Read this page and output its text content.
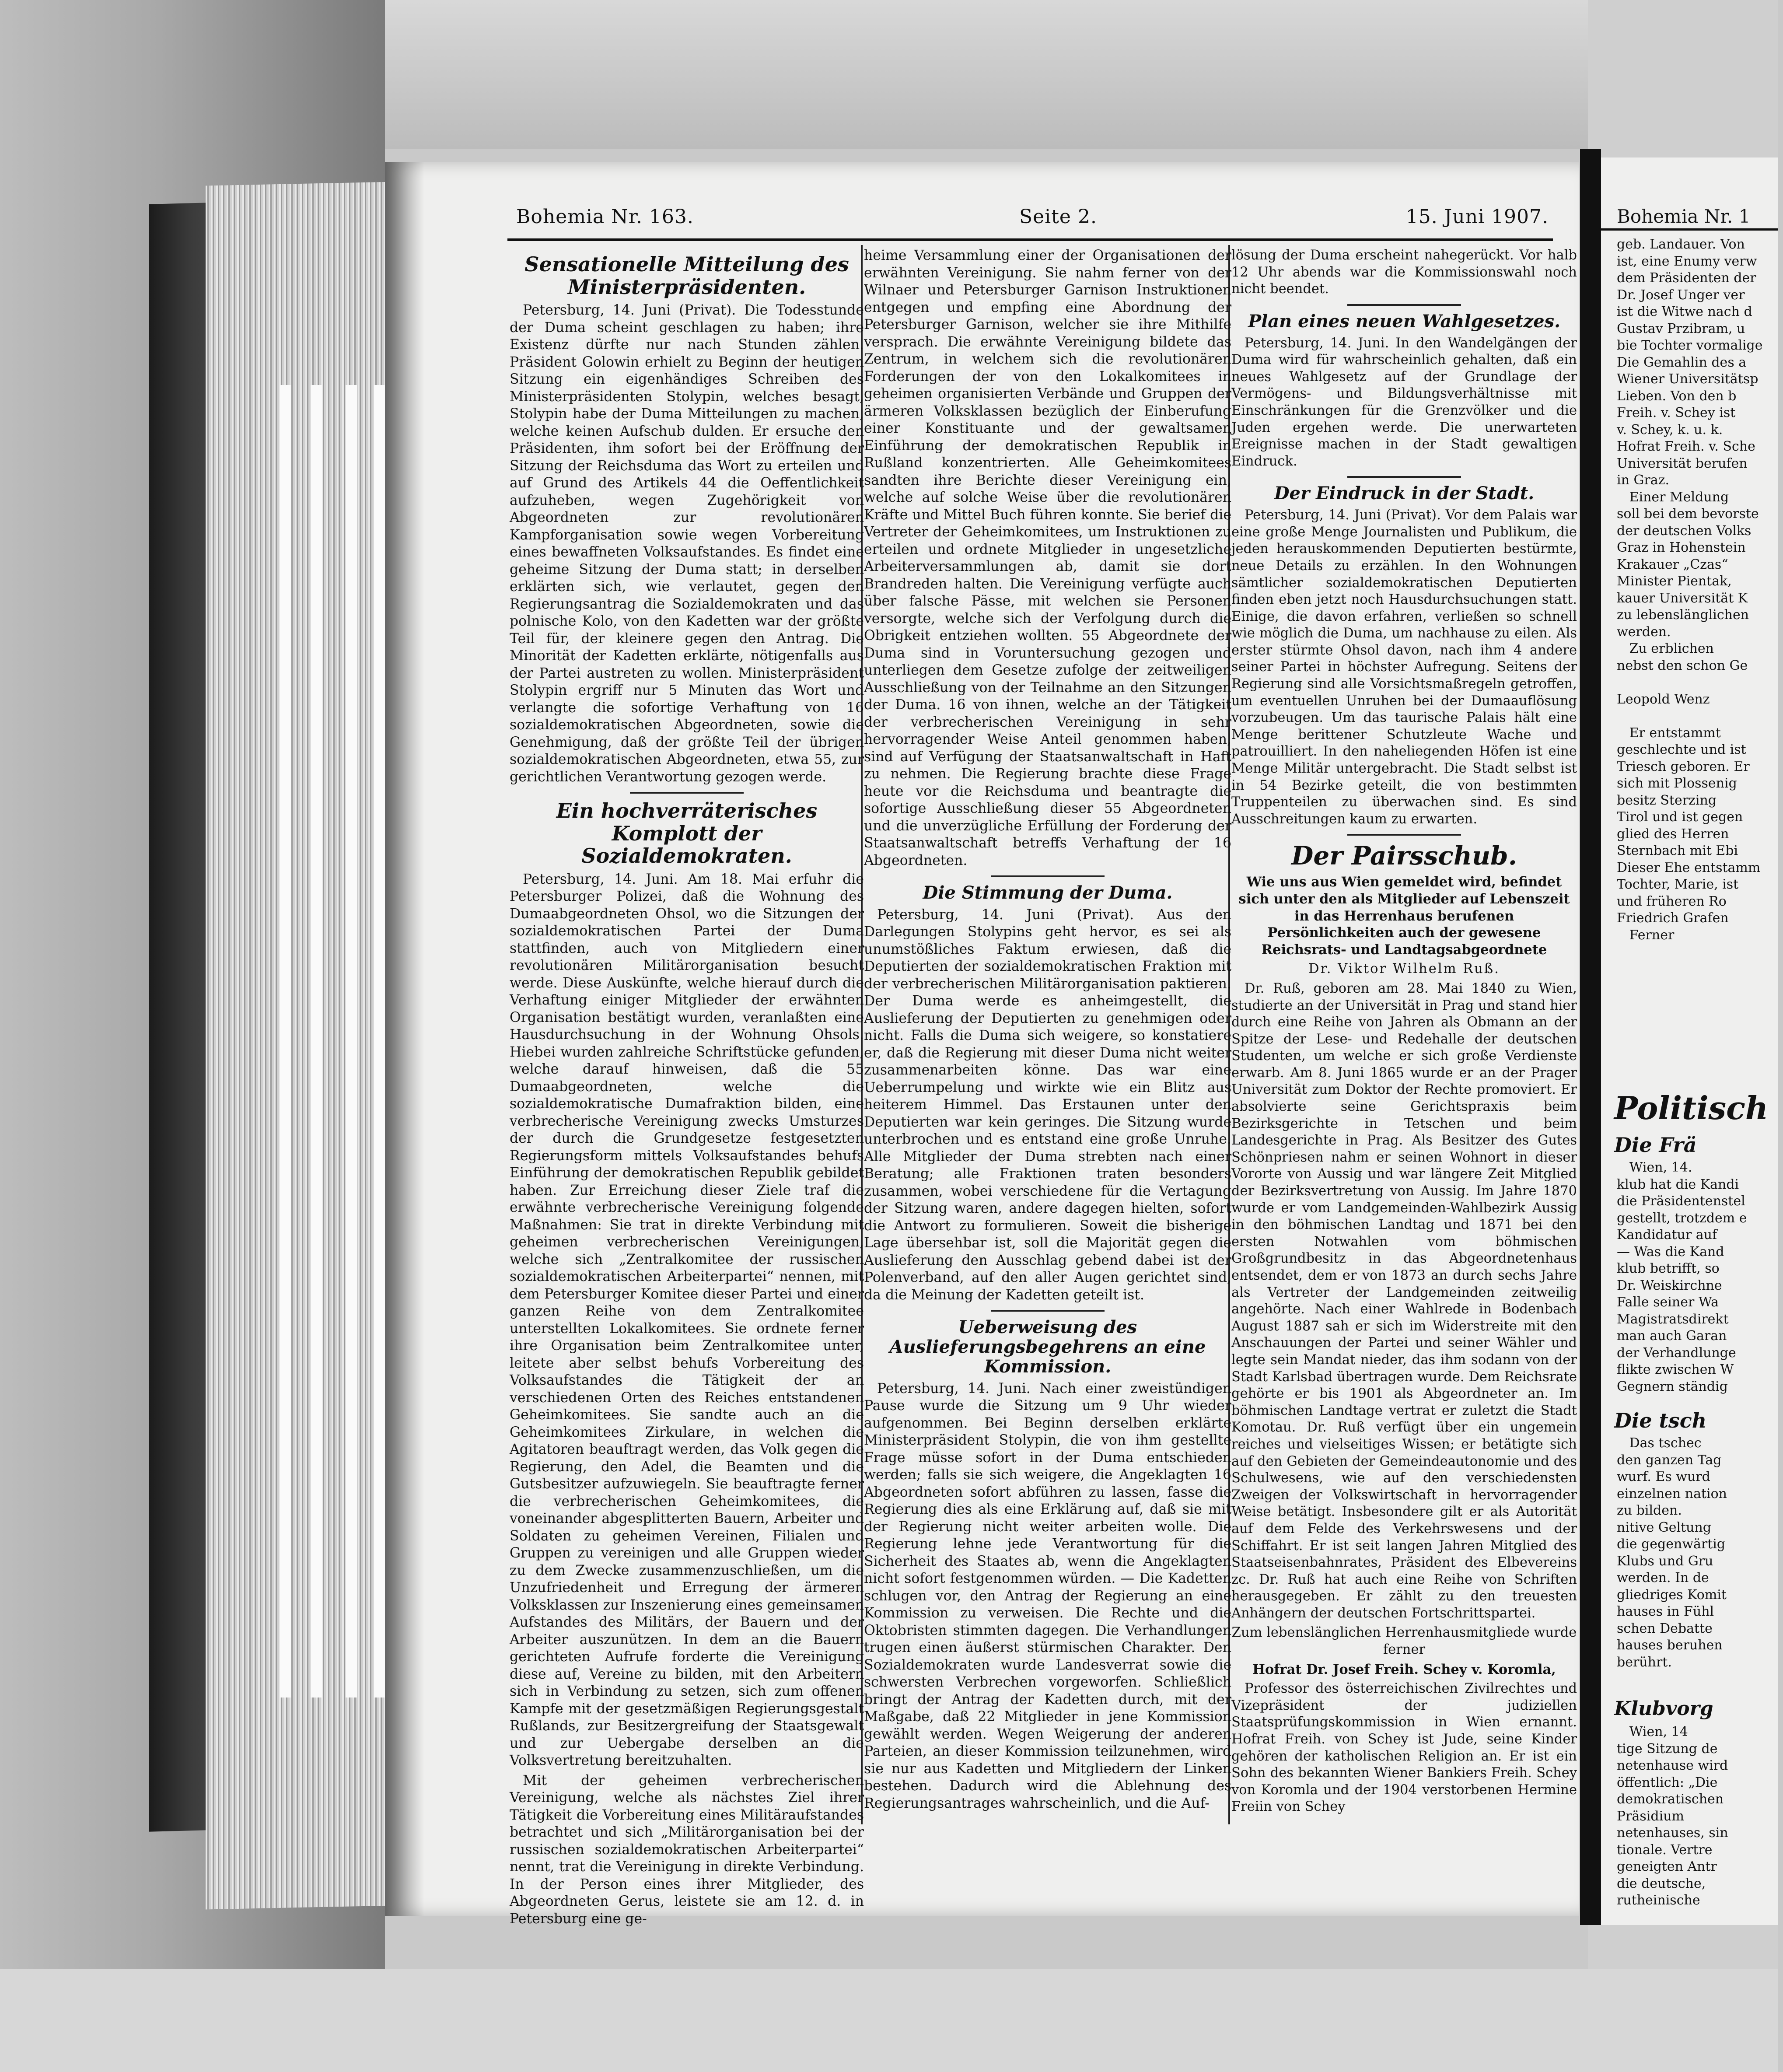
Bohemia Nr. 163.	Seite 2.	15. Juni 1907.
Sensationelle Mitteilung des Ministerpräsidenten.

Petersburg, 14. Juni (Privat). Die Todesstunde der Duma scheint geschlagen zu haben; ihre Existenz dürfte nur nach Stunden zählen. Präsident Golowin erhielt zu Beginn der heutigen Sitzung ein eigenhändiges Schreiben des Ministerpräsidenten Stolypin, welches besagt, Stolypin habe der Duma Mitteilungen zu machen, welche keinen Aufschub dulden. Er ersuche den Präsidenten, ihm sofort bei der Eröffnung der Sitzung der Reichsduma das Wort zu erteilen und auf Grund des Artikels 44 die Oeffentlichkeit aufzuheben, wegen Zugehörigkeit von Abgeordneten zur revolutionären Kampforganisation sowie wegen Vorbereitung eines bewaffneten Volksaufstandes. Es findet eine geheime Sitzung der Duma statt; in derselben erklärten sich, wie verlautet, gegen den Regierungsantrag die Sozialdemokraten und das polnische Kolo, von den Kadetten war der größte Teil für, der kleinere gegen den Antrag. Die Minorität der Kadetten erklärte, nötigenfalls aus der Partei austreten zu wollen. Ministerpräsident Stolypin ergriff nur 5 Minuten das Wort und verlangte die sofortige Verhaftung von 16 sozialdemokratischen Abgeordneten, sowie die Genehmigung, daß der größte Teil der übrigen sozialdemokratischen Abgeordneten, etwa 55, zur gerichtlichen Verantwortung gezogen werde.

Ein hochverräterisches Komplott der Sozialdemokraten.

Petersburg, 14. Juni. Am 18. Mai erfuhr die Petersburger Polizei, daß die Wohnung des Dumaabgeordneten Ohsol, wo die Sitzungen der sozialdemokratischen Partei der Duma stattfinden, auch von Mitgliedern einer revolutionären Militärorganisation besucht werde. Diese Auskünfte, welche hierauf durch die Verhaftung einiger Mitglieder der erwähnten Organisation bestätigt wurden, veranlaßten eine Hausdurchsuchung in der Wohnung Ohsols. Hiebei wurden zahlreiche Schriftstücke gefunden, welche darauf hinweisen, daß die 55 Dumaabgeordneten, welche die sozialdemokratische Dumafraktion bilden, eine verbrecherische Vereinigung zwecks Umsturzes der durch die Grundgesetze festgesetzten Regierungsform mittels Volksaufstandes behufs Einführung der demokratischen Republik gebildet haben. Zur Erreichung dieser Ziele traf die erwähnte verbrecherische Vereinigung folgende Maßnahmen: Sie trat in direkte Verbindung mit geheimen verbrecherischen Vereinigungen, welche sich „Zentralkomitee der russischen sozialdemokratischen Arbeiterpartei“ nennen, mit dem Petersburger Komitee dieser Partei und einer ganzen Reihe von dem Zentralkomitee unterstellten Lokalkomitees. Sie ordnete ferner ihre Organisation beim Zentralkomitee unter, leitete aber selbst behufs Vorbereitung des Volksaufstandes die Tätigkeit der an verschiedenen Orten des Reiches entstandenen Geheimkomitees. Sie sandte auch an die Geheimkomitees Zirkulare, in welchen die Agitatoren beauftragt werden, das Volk gegen die Regierung, den Adel, die Beamten und die Gutsbesitzer aufzuwiegeln. Sie beauftragte ferner die verbrecherischen Geheimkomitees, die voneinander abgesplitterten Bauern, Arbeiter und Soldaten zu geheimen Vereinen, Filialen und Gruppen zu vereinigen und alle Gruppen wieder zu dem Zwecke zusammenzuschließen, um die Unzufriedenheit und Erregung der ärmeren Volksklassen zur Inszenierung eines gemeinsamen Aufstandes des Militärs, der Bauern und der Arbeiter auszunützen. In dem an die Bauern gerichteten Aufrufe forderte die Vereinigung diese auf, Vereine zu bilden, mit den Arbeitern sich in Verbindung zu setzen, sich zum offenen Kampfe mit der gesetzmäßigen Regierungsgestalt Rußlands, zur Besitzergreifung der Staatsgewalt und zur Uebergabe derselben an die Volksvertretung bereitzuhalten.

Mit der geheimen verbrecherischen Vereinigung, welche als nächstes Ziel ihrer Tätigkeit die Vorbereitung eines Militäraufstandes betrachtet und sich „Militärorganisation bei der russischen sozialdemokratischen Arbeiterpartei“ nennt, trat die Vereinigung in direkte Verbindung. In der Person eines ihrer Mitglieder, des Abgeordneten Gerus, leistete sie am 12. d. in Petersburg eine ge-

heime Versammlung einer der Organisationen der erwähnten Vereinigung. Sie nahm ferner von der Wilnaer und Petersburger Garnison Instruktionen entgegen und empfing eine Abordnung der Petersburger Garnison, welcher sie ihre Mithilfe versprach. Die erwähnte Vereinigung bildete das Zentrum, in welchem sich die revolutionären Forderungen der von den Lokalkomitees in geheimen organisierten Verbände und Gruppen der ärmeren Volksklassen bezüglich der Einberufung einer Konstituante und der gewaltsamen Einführung der demokratischen Republik in Rußland konzentrierten. Alle Geheimkomitees sandten ihre Berichte dieser Vereinigung ein, welche auf solche Weise über die revolutionären Kräfte und Mittel Buch führen konnte. Sie berief die Vertreter der Geheimkomitees, um Instruktionen zu erteilen und ordnete Mitglieder in ungesetzliche Arbeiterversammlungen ab, damit sie dort Brandreden halten. Die Vereinigung verfügte auch über falsche Pässe, mit welchen sie Personen versorgte, welche sich der Verfolgung durch die Obrigkeit entziehen wollten. 55 Abgeordnete der Duma sind in Voruntersuchung gezogen und unterliegen dem Gesetze zufolge der zeitweiligen Ausschließung von der Teilnahme an den Sitzungen der Duma. 16 von ihnen, welche an der Tätigkeit der verbrecherischen Vereinigung in sehr hervorragender Weise Anteil genommen haben, sind auf Verfügung der Staatsanwaltschaft in Haft zu nehmen. Die Regierung brachte diese Frage heute vor die Reichsduma und beantragte die sofortige Ausschließung dieser 55 Abgeordneten und die unverzügliche Erfüllung der Forderung der Staatsanwaltschaft betreffs Verhaftung der 16 Abgeordneten.

Die Stimmung der Duma.

Petersburg, 14. Juni (Privat). Aus den Darlegungen Stolypins geht hervor, es sei als unumstößliches Faktum erwiesen, daß die Deputierten der sozialdemokratischen Fraktion mit der verbrecherischen Militärorganisation paktieren. Der Duma werde es anheimgestellt, die Auslieferung der Deputierten zu genehmigen oder nicht. Falls die Duma sich weigere, so konstatiere er, daß die Regierung mit dieser Duma nicht weiter zusammenarbeiten könne. Das war eine Ueberrumpelung und wirkte wie ein Blitz aus heiterem Himmel. Das Erstaunen unter den Deputierten war kein geringes. Die Sitzung wurde unterbrochen und es entstand eine große Unruhe. Alle Mitglieder der Duma strebten nach einer Beratung; alle Fraktionen traten besonders zusammen, wobei verschiedene für die Vertagung der Sitzung waren, andere dagegen hielten, sofort die Antwort zu formulieren. Soweit die bisherige Lage übersehbar ist, soll die Majorität gegen die Auslieferung den Ausschlag gebend dabei ist der Polenverband, auf den aller Augen gerichtet sind, da die Meinung der Kadetten geteilt ist.

Ueberweisung des Auslieferungsbegehrens an eine Kommission.

Petersburg, 14. Juni. Nach einer zweistündigen Pause wurde die Sitzung um 9 Uhr wieder aufgenommen. Bei Beginn derselben erklärte Ministerpräsident Stolypin, die von ihm gestellte Frage müsse sofort in der Duma entschieden werden; falls sie sich weigere, die Angeklagten 16 Abgeordneten sofort abführen zu lassen, fasse die Regierung dies als eine Erklärung auf, daß sie mit der Regierung nicht weiter arbeiten wolle. Die Regierung lehne jede Verantwortung für die Sicherheit des Staates ab, wenn die Angeklagten nicht sofort festgenommen würden. — Die Kadetten schlugen vor, den Antrag der Regierung an eine Kommission zu verweisen. Die Rechte und die Oktobristen stimmten dagegen. Die Verhandlungen trugen einen äußerst stürmischen Charakter. Den Sozialdemokraten wurde Landesverrat sowie die schwersten Verbrechen vorgeworfen. Schließlich bringt der Antrag der Kadetten durch, mit der Maßgabe, daß 22 Mitglieder in jene Kommission gewählt werden. Wegen Weigerung der anderen Parteien, an dieser Kommission teilzunehmen, wird sie nur aus Kadetten und Mitgliedern der Linken bestehen. Dadurch wird die Ablehnung des Regierungsantrages wahrscheinlich, und die Auf-

lösung der Duma erscheint nahegerückt. Vor halb 12 Uhr abends war die Kommissionswahl noch nicht beendet.

Plan eines neuen Wahlgesetzes.

Petersburg, 14. Juni. In den Wandelgängen der Duma wird für wahrscheinlich gehalten, daß ein neues Wahlgesetz auf der Grundlage der Vermögens- und Bildungsverhältnisse mit Einschränkungen für die Grenzvölker und die Juden ergehen werde. Die unerwarteten Ereignisse machen in der Stadt gewaltigen Eindruck.

Der Eindruck in der Stadt.

Petersburg, 14. Juni (Privat). Vor dem Palais war eine große Menge Journalisten und Publikum, die jeden herauskommenden Deputierten bestürmte, neue Details zu erzählen. In den Wohnungen sämtlicher sozialdemokratischen Deputierten finden eben jetzt noch Hausdurchsuchungen statt. Einige, die davon erfahren, verließen so schnell wie möglich die Duma, um nachhause zu eilen. Als erster stürmte Ohsol davon, nach ihm 4 andere seiner Partei in höchster Aufregung. Seitens der Regierung sind alle Vorsichtsmaßregeln getroffen, um eventuellen Unruhen bei der Dumaauflösung vorzubeugen. Um das taurische Palais hält eine Menge berittener Schutzleute Wache und patrouilliert. In den naheliegenden Höfen ist eine Menge Militär untergebracht. Die Stadt selbst ist in 54 Bezirke geteilt, die von bestimmten Truppenteilen zu überwachen sind. Es sind Ausschreitungen kaum zu erwarten.

Der Pairsschub.

Wie uns aus Wien gemeldet wird, befindet sich unter den als Mitglieder auf Lebenszeit in das Herrenhaus berufenen Persönlichkeiten auch der gewesene Reichsrats- und Landtagsabgeordnete

Dr. Viktor Wilhelm Ruß.

Dr. Ruß, geboren am 28. Mai 1840 zu Wien, studierte an der Universität in Prag und stand hier durch eine Reihe von Jahren als Obmann an der Spitze der Lese- und Redehalle der deutschen Studenten, um welche er sich große Verdienste erwarb. Am 8. Juni 1865 wurde er an der Prager Universität zum Doktor der Rechte promoviert. Er absolvierte seine Gerichtspraxis beim Bezirksgerichte in Tetschen und beim Landesgerichte in Prag. Als Besitzer des Gutes Schönpriesen nahm er seinen Wohnort in dieser Vororte von Aussig und war längere Zeit Mitglied der Bezirksvertretung von Aussig. Im Jahre 1870 wurde er vom Landgemeinden-Wahlbezirk Aussig in den böhmischen Landtag und 1871 bei den ersten Notwahlen vom böhmischen Großgrundbesitz in das Abgeordnetenhaus entsendet, dem er von 1873 an durch sechs Jahre als Vertreter der Landgemeinden zeitweilig angehörte. Nach einer Wahlrede in Bodenbach August 1887 sah er sich im Widerstreite mit den Anschauungen der Partei und seiner Wähler und legte sein Mandat nieder, das ihm sodann von der Stadt Karlsbad übertragen wurde. Dem Reichsrate gehörte er bis 1901 als Abgeordneter an. Im böhmischen Landtage vertrat er zuletzt die Stadt Komotau. Dr. Ruß verfügt über ein ungemein reiches und vielseitiges Wissen; er betätigte sich auf den Gebieten der Gemeindeautonomie und des Schulwesens, wie auf den verschiedensten Zweigen der Volkswirtschaft in hervorragender Weise betätigt. Insbesondere gilt er als Autorität auf dem Felde des Verkehrswesens und der Schiffahrt. Er ist seit langen Jahren Mitglied des Staatseisenbahnrates, Präsident des Elbevereins zc. Dr. Ruß hat auch eine Reihe von Schriften herausgegeben. Er zählt zu den treuesten Anhängern der deutschen Fortschrittspartei.

Zum lebenslänglichen Herrenhausmitgliede wurde ferner

Hofrat Dr. Josef Freih. Schey v. Koromla,

Professor des österreichischen Zivilrechtes und Vizepräsident der judiziellen Staatsprüfungskommission in Wien ernannt. Hofrat Freih. von Schey ist Jude, seine Kinder gehören der katholischen Religion an. Er ist ein Sohn des bekannten Wiener Bankiers Freih. Schey von Koromla und der 1904 verstorbenen Hermine Freiin von Schey

Bohemia Nr. 1
geb. Landauer. Von
ist, eine Enumy verw
dem Präsidenten der
Dr. Josef Unger ver
ist die Witwe nach d
Gustav Przibram, u
bie Tochter vormalige
Die Gemahlin des a
Wiener Universitätsp
Lieben. Von den b
Freih. v. Schey ist
v. Schey, k. u. k.
Hofrat Freih. v. Sche
Universität berufen
in Graz.
Einer Meldung
soll bei dem bevorste
der deutschen Volks
Graz in Hohenstein
Krakauer „Czas“
Minister Pientak,
kauer Universität K
zu lebenslänglichen
werden.
Zu erblichen
nebst den schon Ge

Leopold Wenz

Er entstammt
geschlechte und ist
Triesch geboren. Er
sich mit Plossenig
besitz Sterzing
Tirol und ist gegen
glied des Herren
Sternbach mit Ebi
Dieser Ehe entstamm
Tochter, Marie, ist
und früheren Ro
Friedrich Grafen
Ferner
Politisch
Die Frä
Wien, 14.
klub hat die Kandi
die Präsidentenstel
gestellt, trotzdem e
Kandidatur auf
— Was die Kand
klub betrifft, so
Dr. Weiskirchne
Falle seiner Wa
Magistratsdirekt
man auch Garan
der Verhandlunge
flikte zwischen W
Gegnern ständig
Die tsch
Das tschec
den ganzen Tag
wurf. Es wurd
einzelnen nation
zu bilden.
nitive Geltung
die gegenwärtig
Klubs und Gru
werden. In de
gliedriges Komit
hauses in Fühl
schen Debatte
hauses beruhen
berührt.
Klubvorg
Wien, 14
tige Sitzung de
netenhause wird
öffentlich: „Die
demokratischen
Präsidium
netenhauses, sin
tionale. Vertre
geneigten Antr
die deutsche,
rutheinische
